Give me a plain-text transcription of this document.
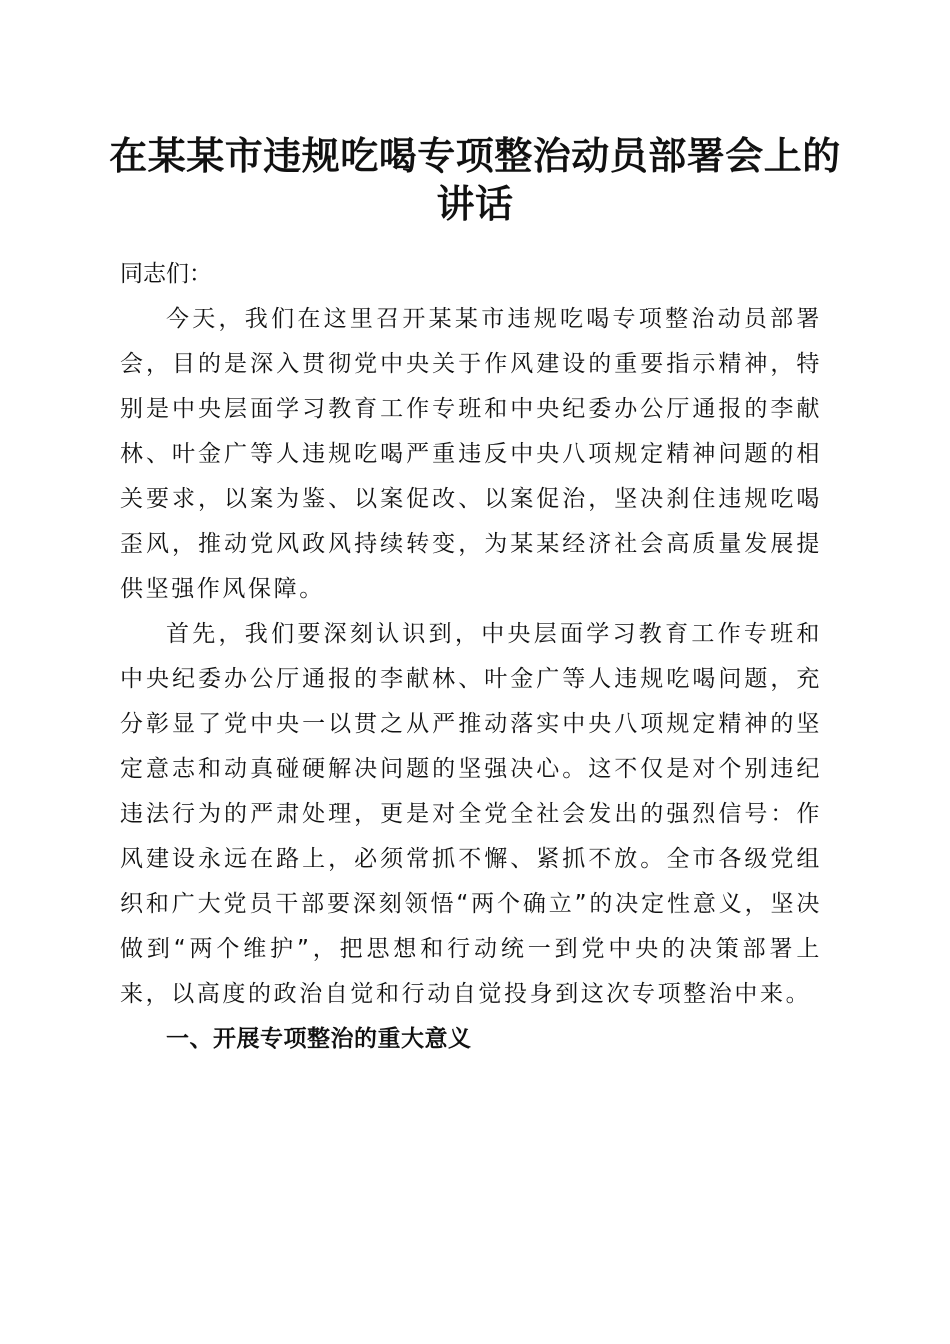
在某某市违规吃喝专项整治动员部署会上的讲话

同志们：

今天，我们在这里召开某某市违规吃喝专项整治动员部署会，目的是深入贯彻党中央关于作风建设的重要指示精神，特别是中央层面学习教育工作专班和中央纪委办公厅通报的李献林、叶金广等人违规吃喝严重违反中央八项规定精神问题的相关要求，以案为鉴、以案促改、以案促治，坚决刹住违规吃喝歪风，推动党风政风持续转变，为某某经济社会高质量发展提供坚强作风保障。

首先，我们要深刻认识到，中央层面学习教育工作专班和中央纪委办公厅通报的李献林、叶金广等人违规吃喝问题，充分彰显了党中央一以贯之从严推动落实中央八项规定精神的坚定意志和动真碰硬解决问题的坚强决心。这不仅是对个别违纪违法行为的严肃处理，更是对全党全社会发出的强烈信号：作风建设永远在路上，必须常抓不懈、紧抓不放。全市各级党组织和广大党员干部要深刻领悟“两个确立”的决定性意义，坚决做到“两个维护”，把思想和行动统一到党中央的决策部署上来，以高度的政治自觉和行动自觉投身到这次专项整治中来。

一、开展专项整治的重大意义
